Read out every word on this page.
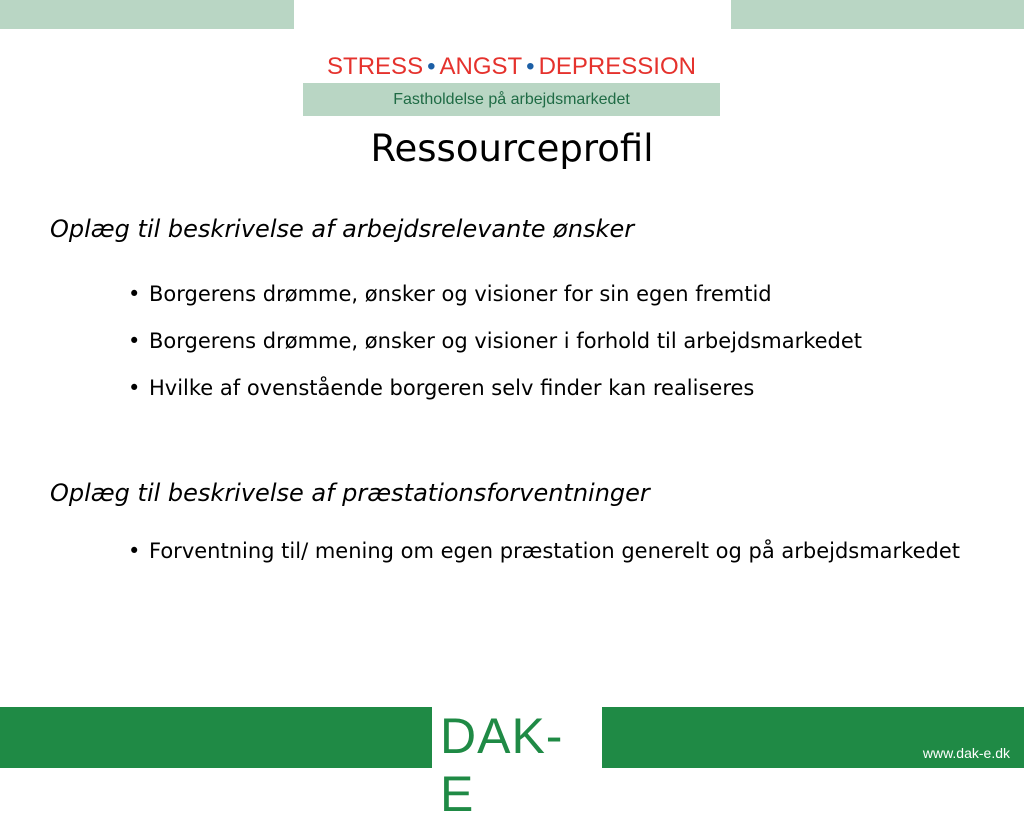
STRESS • ANGST • DEPRESSION
Fastholdelse på arbejdsmarkedet
Ressourceprofil
Oplæg til beskrivelse af arbejdsrelevante ønsker
• Borgerens drømme, ønsker og visioner for sin egen fremtid
• Borgerens drømme, ønsker og visioner i forhold til arbejdsmarkedet
• Hvilke af ovenstående borgeren selv finder kan realiseres
Oplæg til beskrivelse af præstationsforventninger
• Forventning til/ mening om egen præstation generelt og på arbejdsmarkedet
DAK-E
www.dak-e.dk
